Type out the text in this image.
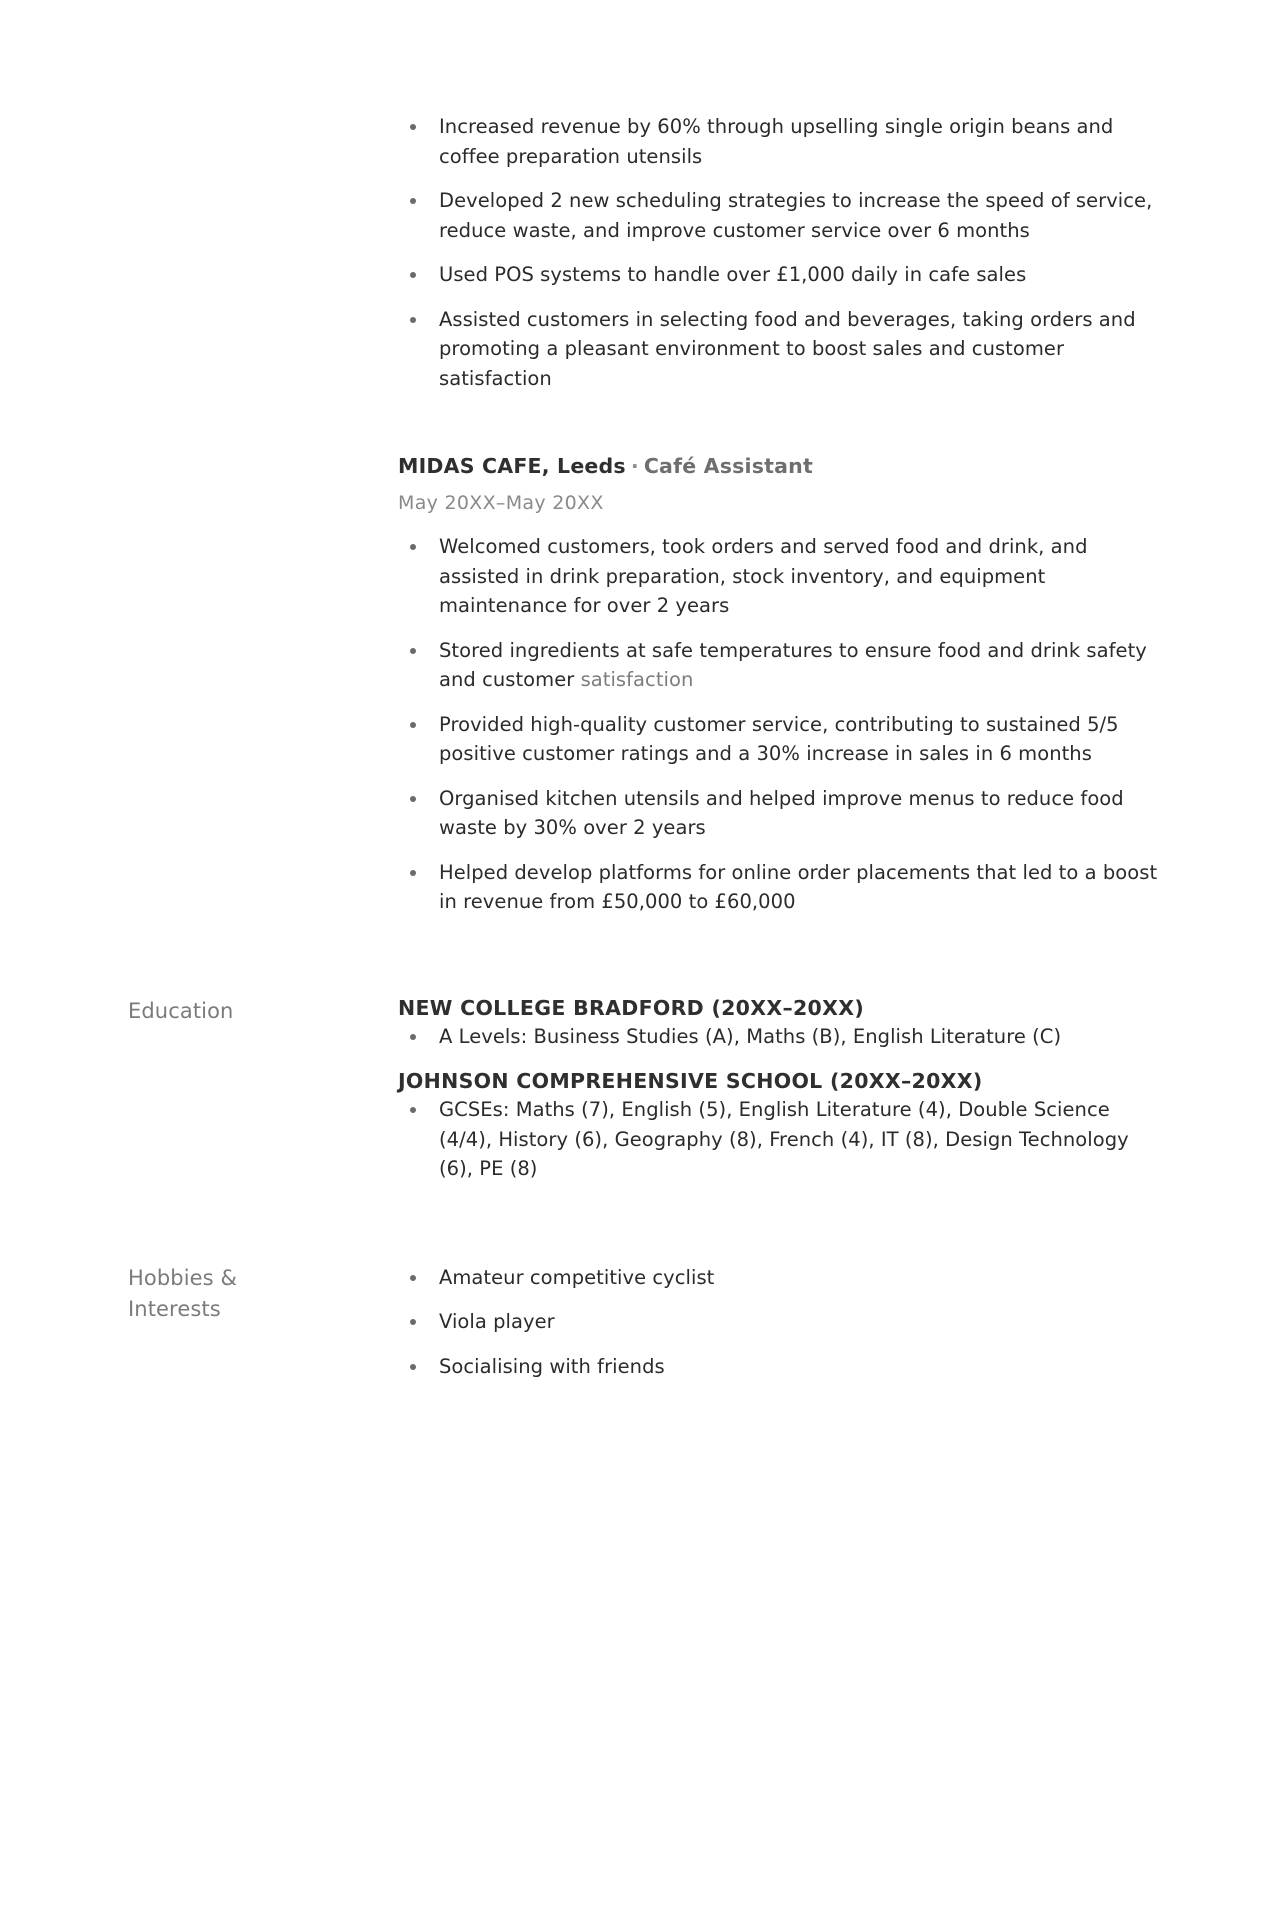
Increased revenue by 60% through upselling single origin beans and coffee preparation utensils
Developed 2 new scheduling strategies to increase the speed of service, reduce waste, and improve customer service over 6 months
Used POS systems to handle over £1,000 daily in cafe sales
Assisted customers in selecting food and beverages, taking orders and promoting a pleasant environment to boost sales and customer satisfaction

MIDAS CAFE, Leeds · Café Assistant

May 20XX–May 20XX
Welcomed customers, took orders and served food and drink, and assisted in drink preparation, stock inventory, and equipment maintenance for over 2 years
Stored ingredients at safe temperatures to ensure food and drink safety and customer satisfaction
Provided high-quality customer service, contributing to sustained 5/5 positive customer ratings and a 30% increase in sales in 6 months
Organised kitchen utensils and helped improve menus to reduce food waste by 30% over 2 years
Helped develop platforms for online order placements that led to a boost in revenue from £50,000 to £60,000
Education	NEW COLLEGE BRADFORD (20XX–20XX)
A Levels: Business Studies (A), Maths (B), English Literature (C)
JOHNSON COMPREHENSIVE SCHOOL (20XX–20XX)
GCSEs: Maths (7), English (5), English Literature (4), Double Science (4/4), History (6), Geography (8), French (4), IT (8), Design Technology (6), PE (8)
Hobbies &
Interests
Amateur competitive cyclist
Viola player
Socialising with friends
